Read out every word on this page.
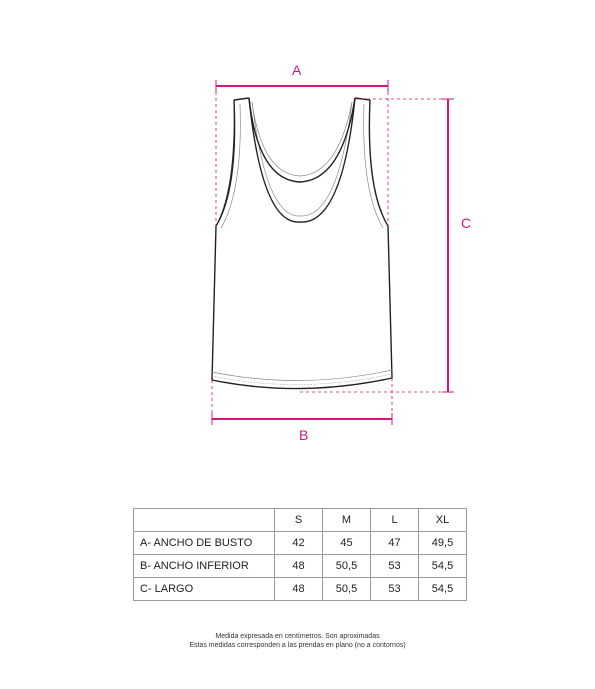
A
B
C
	S	M	L	XL
A- ANCHO DE BUSTO	42	45	47	49,5
B- ANCHO INFERIOR	48	50,5	53	54,5
C- LARGO	48	50,5	53	54,5
Medida expresada en centímetros. Son aproximadas
Estas medidas corresponden a las prendas en plano (no a contornos)
